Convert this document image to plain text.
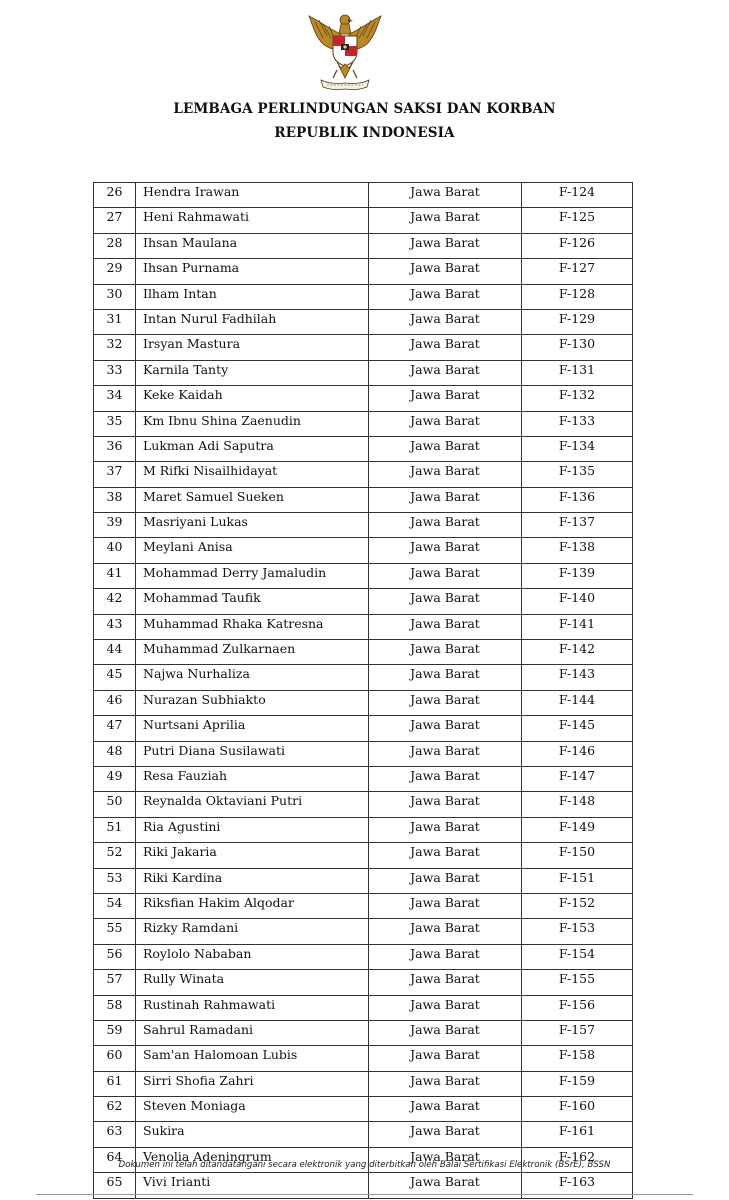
LEMBAGA PERLINDUNGAN SAKSI DAN KORBAN
REPUBLIK INDONESIA
26	Hendra Irawan	Jawa Barat	F-124
27	Heni Rahmawati	Jawa Barat	F-125
28	Ihsan Maulana	Jawa Barat	F-126
29	Ihsan Purnama	Jawa Barat	F-127
30	Ilham Intan	Jawa Barat	F-128
31	Intan Nurul Fadhilah	Jawa Barat	F-129
32	Irsyan Mastura	Jawa Barat	F-130
33	Karnila Tanty	Jawa Barat	F-131
34	Keke Kaidah	Jawa Barat	F-132
35	Km Ibnu Shina Zaenudin	Jawa Barat	F-133
36	Lukman Adi Saputra	Jawa Barat	F-134
37	M Rifki Nisailhidayat	Jawa Barat	F-135
38	Maret Samuel Sueken	Jawa Barat	F-136
39	Masriyani Lukas	Jawa Barat	F-137
40	Meylani Anisa	Jawa Barat	F-138
41	Mohammad Derry Jamaludin	Jawa Barat	F-139
42	Mohammad Taufik	Jawa Barat	F-140
43	Muhammad Rhaka Katresna	Jawa Barat	F-141
44	Muhammad Zulkarnaen	Jawa Barat	F-142
45	Najwa Nurhaliza	Jawa Barat	F-143
46	Nurazan Subhiakto	Jawa Barat	F-144
47	Nurtsani Aprilia	Jawa Barat	F-145
48	Putri Diana Susilawati	Jawa Barat	F-146
49	Resa Fauziah	Jawa Barat	F-147
50	Reynalda Oktaviani Putri	Jawa Barat	F-148
51	Ria Agustini	Jawa Barat	F-149
52	Riki Jakaria	Jawa Barat	F-150
53	Riki Kardina	Jawa Barat	F-151
54	Riksfian Hakim Alqodar	Jawa Barat	F-152
55	Rizky Ramdani	Jawa Barat	F-153
56	Roylolo Nababan	Jawa Barat	F-154
57	Rully Winata	Jawa Barat	F-155
58	Rustinah Rahmawati	Jawa Barat	F-156
59	Sahrul Ramadani	Jawa Barat	F-157
60	Sam'an Halomoan Lubis	Jawa Barat	F-158
61	Sirri Shofia Zahri	Jawa Barat	F-159
62	Steven Moniaga	Jawa Barat	F-160
63	Sukira	Jawa Barat	F-161
64	Venolia Adeningrum	Jawa Barat	F-162
65	Vivi Irianti	Jawa Barat	F-163
Dokumen ini telah ditandatangani secara elektronik yang diterbitkan oleh Balai Sertifikasi Elektronik (BSrE), BSSN
